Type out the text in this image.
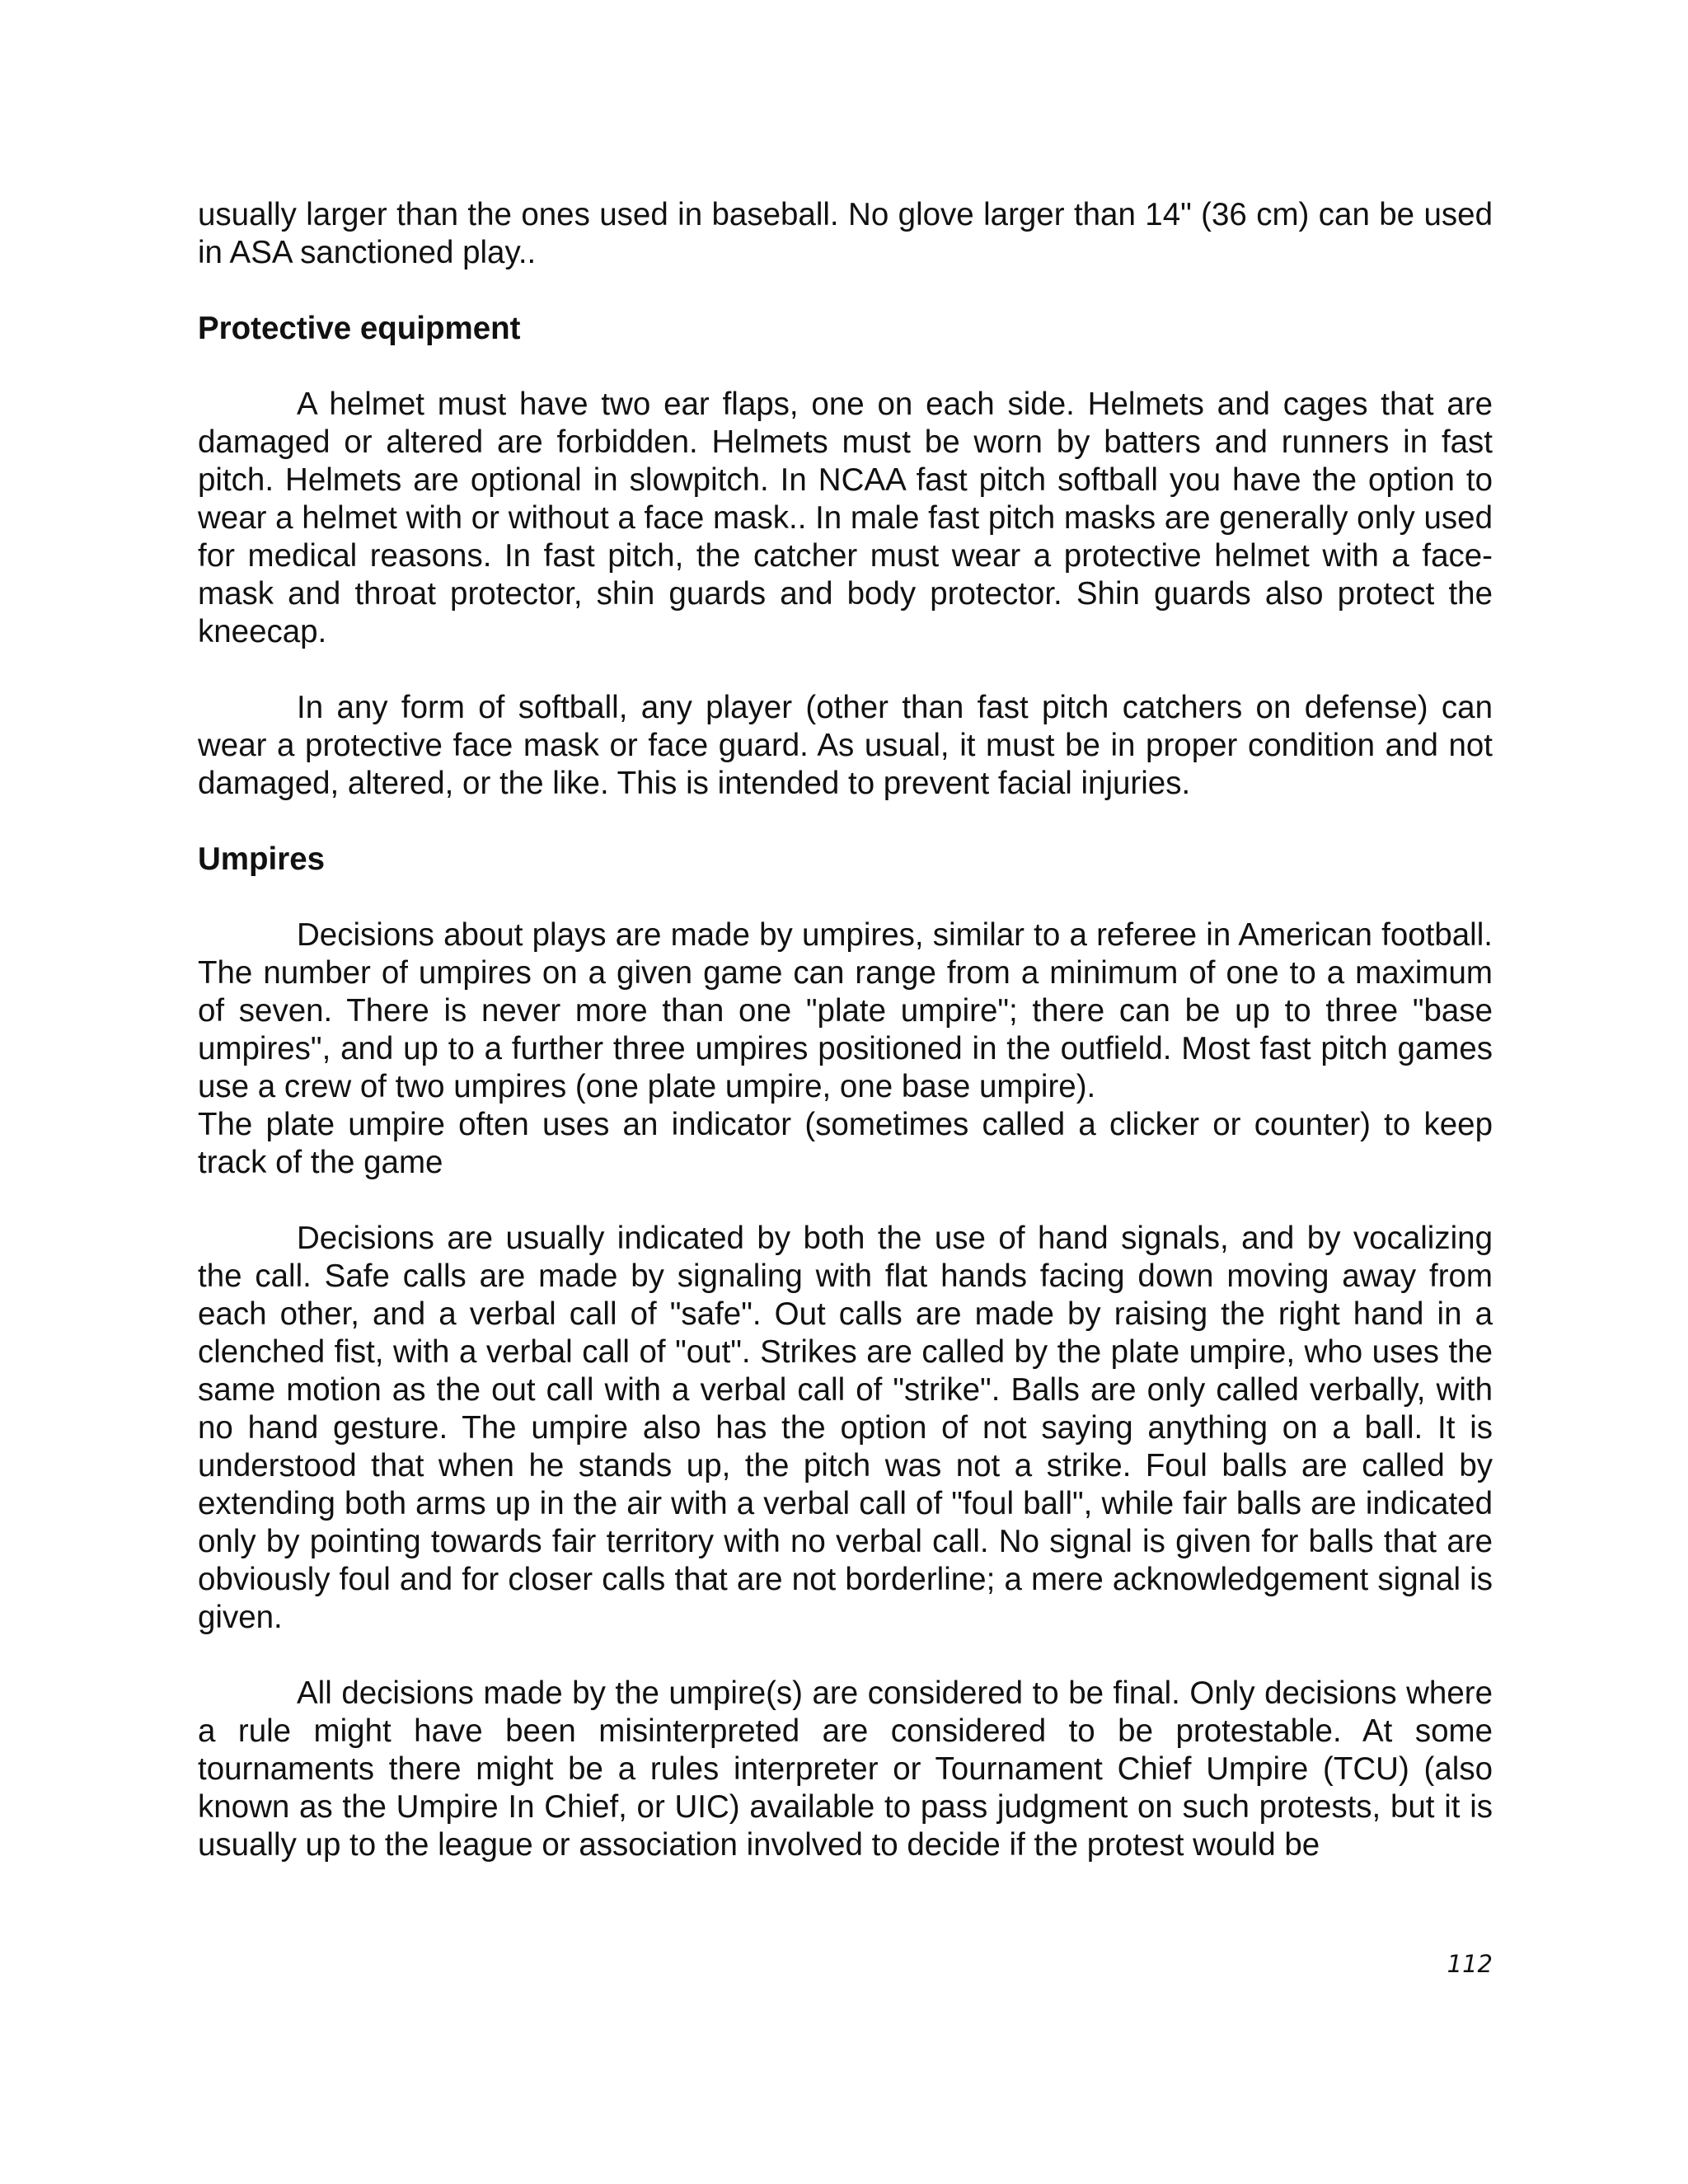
usually larger than the ones used in baseball. No glove larger than 14" (36 cm) can be used in ASA sanctioned play..

Protective equipment

A helmet must have two ear flaps, one on each side. Helmets and cages that are damaged or altered are forbidden. Helmets must be worn by batters and runners in fast pitch. Helmets are optional in slowpitch. In NCAA fast pitch softball you have the option to wear a helmet with or without a face mask.. In male fast pitch masks are generally only used for medical reasons. In fast pitch, the catcher must wear a protective helmet with a face-mask and throat protector, shin guards and body protector. Shin guards also protect the kneecap.

In any form of softball, any player (other than fast pitch catchers on defense) can wear a protective face mask or face guard. As usual, it must be in proper condition and not damaged, altered, or the like. This is intended to prevent facial injuries.

Umpires

Decisions about plays are made by umpires, similar to a referee in American football. The number of umpires on a given game can range from a minimum of one to a maximum of seven. There is never more than one "plate umpire"; there can be up to three "base umpires", and up to a further three umpires positioned in the outfield. Most fast pitch games use a crew of two umpires (one plate umpire, one base umpire).

The plate umpire often uses an indicator (sometimes called a clicker or counter) to keep track of the game

Decisions are usually indicated by both the use of hand signals, and by vocalizing the call. Safe calls are made by signaling with flat hands facing down moving away from each other, and a verbal call of "safe". Out calls are made by raising the right hand in a clenched fist, with a verbal call of "out". Strikes are called by the plate umpire, who uses the same motion as the out call with a verbal call of "strike". Balls are only called verbally, with no hand gesture. The umpire also has the option of not saying anything on a ball. It is understood that when he stands up, the pitch was not a strike. Foul balls are called by extending both arms up in the air with a verbal call of "foul ball", while fair balls are indicated only by pointing towards fair territory with no verbal call. No signal is given for balls that are obviously foul and for closer calls that are not borderline; a mere acknowledgement signal is given.

All decisions made by the umpire(s) are considered to be final. Only decisions where a rule might have been misinterpreted are considered to be protestable. At some tournaments there might be a rules interpreter or Tournament Chief Umpire (TCU) (also known as the Umpire In Chief, or UIC) available to pass judgment on such protests, but it is usually up to the league or association involved to decide if the protest would be

112
